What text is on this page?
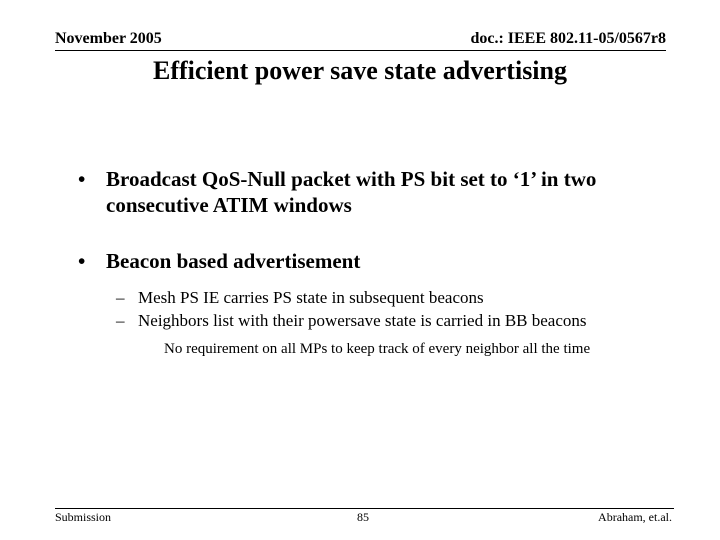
November 2005	doc.: IEEE 802.11-05/0567r8
Efficient power save state advertising
• Broadcast QoS-Null packet with PS bit set to ‘1’ in two consecutive ATIM windows
• Beacon based advertisement
– Mesh PS IE carries PS state in subsequent beacons
– Neighbors list with their powersave state is carried in BB beacons
No requirement on all MPs to keep track of every neighbor all the time
Submission	85	Abraham, et.al.
